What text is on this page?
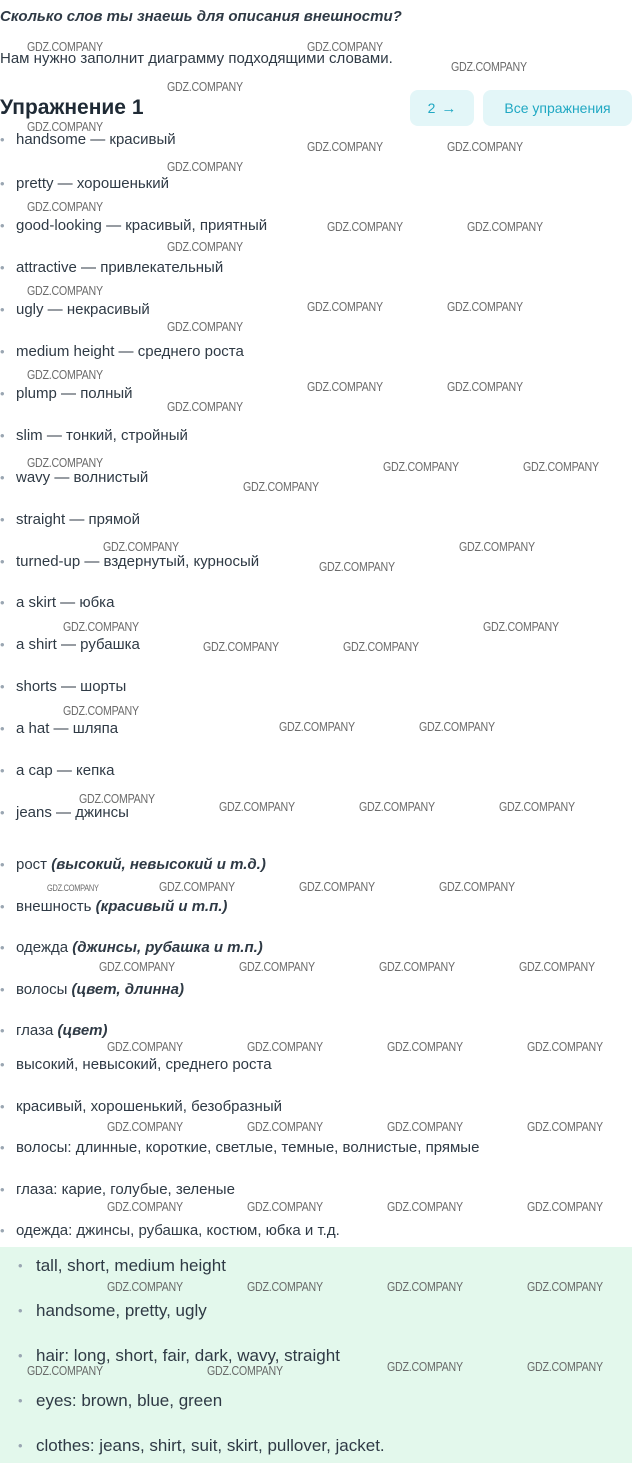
Сколько слов ты знаешь для описания внешности?
Нам нужно заполнит диаграмму подходящими словами.
Упражнение 1	2 →	Все упражнения
• handsome — красивый
• pretty — хорошенький
• good-looking — красивый, приятный
• attractive — привлекательный
• ugly — некрасивый
• medium height — среднего роста
• plump — полный
• slim — тонкий, стройный
• wavy — волнистый
• straight — прямой
• turned-up — вздернутый, курносый
• a skirt — юбка
• a shirt — рубашка
• shorts — шорты
• a hat — шляпа
• a cap — кепка
• jeans — джинсы
• рост (высокий, невысокий и т.д.)
• внешность (красивый и т.п.)
• одежда (джинсы, рубашка и т.п.)
• волосы (цвет, длинна)
• глаза (цвет)
• высокий, невысокий, среднего роста
• красивый, хорошенький, безобразный
• волосы: длинные, короткие, светлые, темные, волнистые, прямые
• глаза: карие, голубые, зеленые
• одежда: джинсы, рубашка, костюм, юбка и т.д.
• tall, short, medium height
• handsome, pretty, ugly
• hair: long, short, fair, dark, wavy, straight
• eyes: brown, blue, green
• clothes: jeans, shirt, suit, skirt, pullover, jacket.
GDZ.COMPANY	GDZ.COMPANY
GDZ.COMPANY
GDZ.COMPANY
GDZ.COMPANY
GDZ.COMPANY	GDZ.COMPANY
GDZ.COMPANY
GDZ.COMPANY
GDZ.COMPANY	GDZ.COMPANY
GDZ.COMPANY
GDZ.COMPANY
GDZ.COMPANY	GDZ.COMPANY
GDZ.COMPANY
GDZ.COMPANY
GDZ.COMPANY	GDZ.COMPANY
GDZ.COMPANY
GDZ.COMPANY	GDZ.COMPANY	GDZ.COMPANY
GDZ.COMPANY
GDZ.COMPANY	GDZ.COMPANY
GDZ.COMPANY
GDZ.COMPANY	GDZ.COMPANY
GDZ.COMPANY	GDZ.COMPANY
GDZ.COMPANY
GDZ.COMPANY	GDZ.COMPANY
GDZ.COMPANY
GDZ.COMPANY	GDZ.COMPANY	GDZ.COMPANY
GDZ.COMPANY	GDZ.COMPANY	GDZ.COMPANY	GDZ.COMPANY
GDZ.COMPANY	GDZ.COMPANY	GDZ.COMPANY	GDZ.COMPANY
GDZ.COMPANY	GDZ.COMPANY	GDZ.COMPANY	GDZ.COMPANY
GDZ.COMPANY	GDZ.COMPANY	GDZ.COMPANY	GDZ.COMPANY
GDZ.COMPANY	GDZ.COMPANY	GDZ.COMPANY	GDZ.COMPANY
GDZ.COMPANY	GDZ.COMPANY	GDZ.COMPANY	GDZ.COMPANY
GDZ.COMPANY	GDZ.COMPANY	GDZ.COMPANY	GDZ.COMPANY
